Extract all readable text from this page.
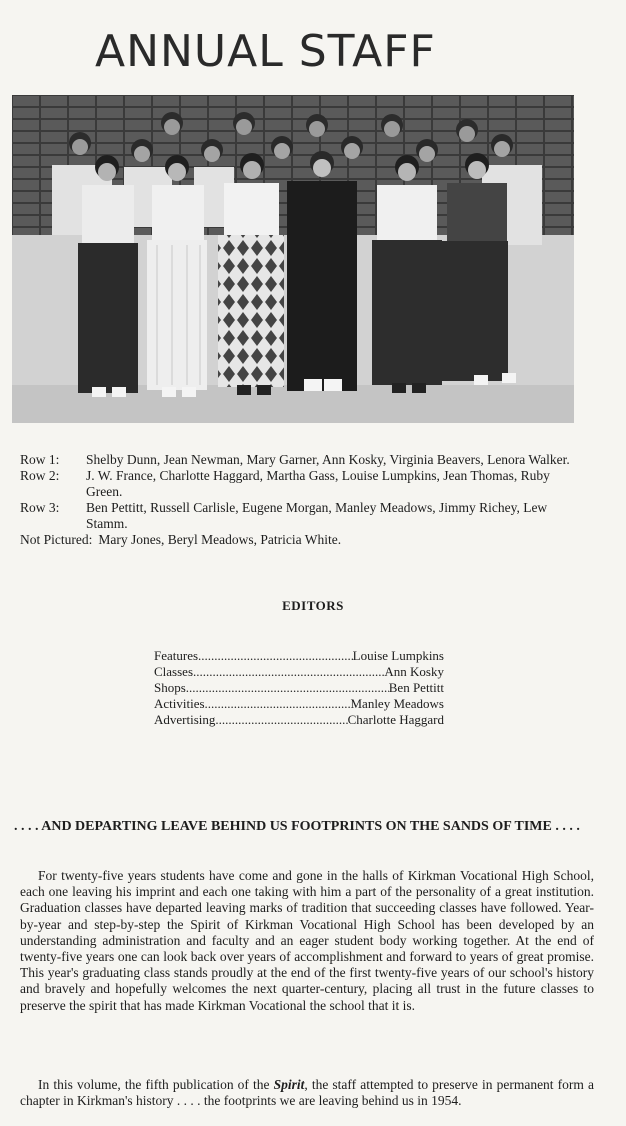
ANNUAL STAFF
Row 1:	Shelby Dunn, Jean Newman, Mary Garner, Ann Kosky, Virginia Beavers, Lenora Walker.
Row 2:	J. W. France, Charlotte Haggard, Martha Gass, Louise Lumpkins, Jean Thomas, Ruby Green.
Row 3:	Ben Pettitt, Russell Carlisle, Eugene Morgan, Manley Meadows, Jimmy Richey, Lew Stamm.
Not Pictured: Mary Jones, Beryl Meadows, Patricia White.
EDITORS
Features .....	Louise Lumpkins
Classes .....	Ann Kosky
Shops .....	Ben Pettitt
Activities .....	Manley Meadows
Advertising .....	Charlotte Haggard
. . . . AND DEPARTING LEAVE BEHIND US FOOTPRINTS ON THE SANDS OF TIME . . . .

For twenty-five years students have come and gone in the halls of Kirkman Vocational High School, each one leaving his imprint and each one taking with him a part of the personality of a great institution. Graduation classes have departed leaving marks of tradition that succeeding classes have followed. Year-by-year and step-by-step the Spirit of Kirkman Vocational High School has been developed by an understanding administration and faculty and an eager student body working together. At the end of twenty-five years one can look back over years of accomplishment and forward to years of great promise. This year's graduating class stands proudly at the end of the first twenty-five years of our school's history and bravely and hopefully welcomes the next quarter-century, placing all trust in the future classes to preserve the spirit that has made Kirkman Vocational the school that it is.

In this volume, the fifth publication of the Spirit, the staff attempted to preserve in permanent form a chapter in Kirkman's history . . . . the footprints we are leaving behind us in 1954.
